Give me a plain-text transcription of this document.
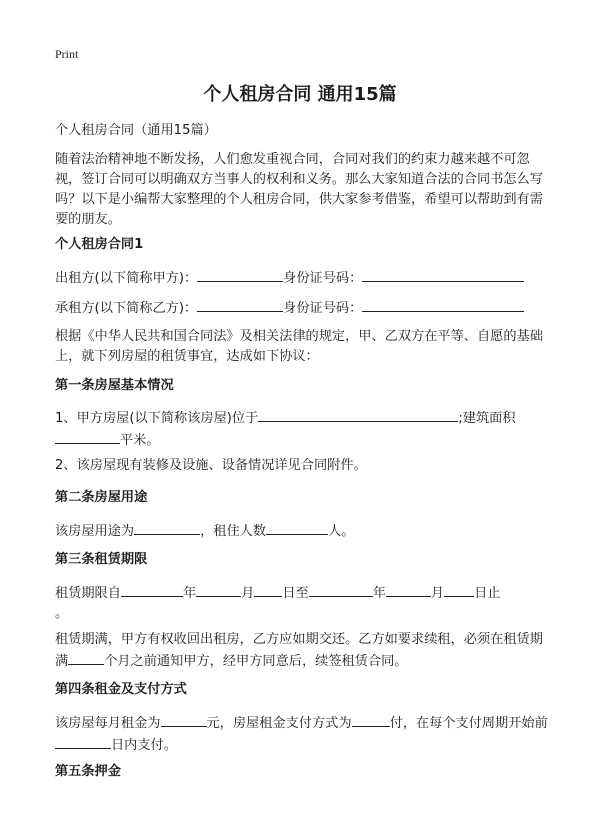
Print
个人租房合同 通用15篇
个人租房合同（通用15篇）
随着法治精神地不断发扬，人们愈发重视合同，合同对我们的约束力越来越不可忽视，签订合同可以明确双方当事人的权利和义务。那么大家知道合法的合同书怎么写吗？以下是小编帮大家整理的个人租房合同，供大家参考借鉴，希望可以帮助到有需要的朋友。
个人租房合同1
出租方(以下简称甲方)：	身份证号码：
承租方(以下简称乙方)：	身份证号码：
根据《中华人民共和国合同法》及相关法律的规定，甲、乙双方在平等、自愿的基础上，就下列房屋的租赁事宜，达成如下协议：
第一条房屋基本情况
1、甲方房屋(以下简称该房屋)位于	;建筑面积
平米。
2、该房屋现有装修及设施、设备情况详见合同附件。
第二条房屋用途
该房屋用途为	，租住人数	人。
第三条租赁期限
租赁期限自	年	月 日至	年	月 日止
。
租赁期满，甲方有权收回出租房，乙方应如期交还。乙方如要求续租，必须在租赁期满	个月之前通知甲方，经甲方同意后，续签租赁合同。
第四条租金及支付方式
该房屋每月租金为	元，房屋租金支付方式为	付，在每个支付周期开始前日内支付。
第五条押金
